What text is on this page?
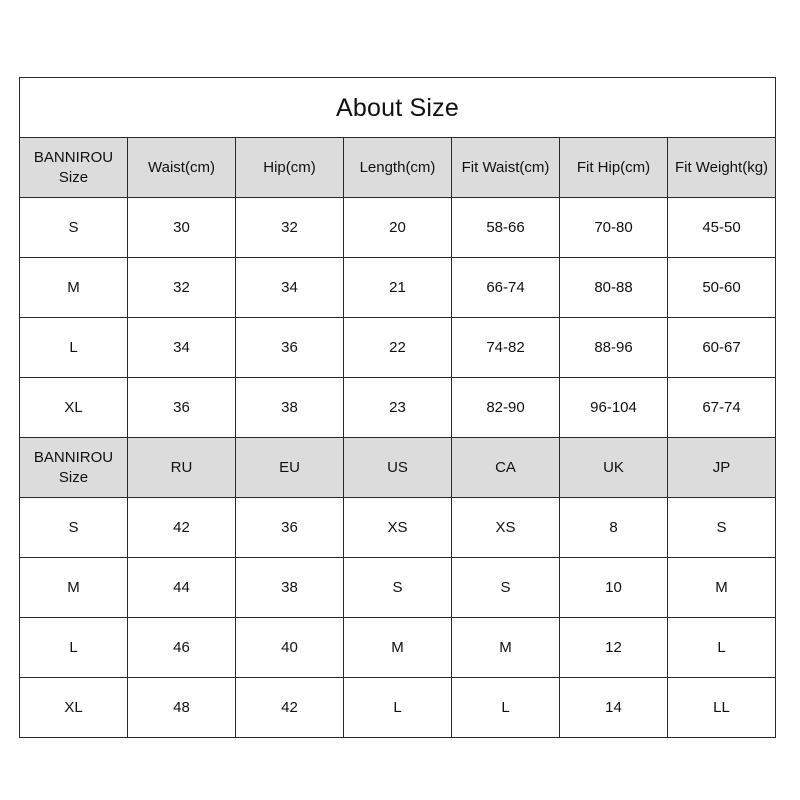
About Size						
BANNIROU
Size	Waist(cm)	Hip(cm)	Length(cm)	Fit Waist(cm)	Fit Hip(cm)	Fit Weight(kg)
S	30	32	20	58-66	70-80	45-50
M	32	34	21	66-74	80-88	50-60
L	34	36	22	74-82	88-96	60-67
XL	36	38	23	82-90	96-104	67-74
BANNIROU
Size	RU	EU	US	CA	UK	JP
S	42	36	XS	XS	8	S
M	44	38	S	S	10	M
L	46	40	M	M	12	L
XL	48	42	L	L	14	LL
